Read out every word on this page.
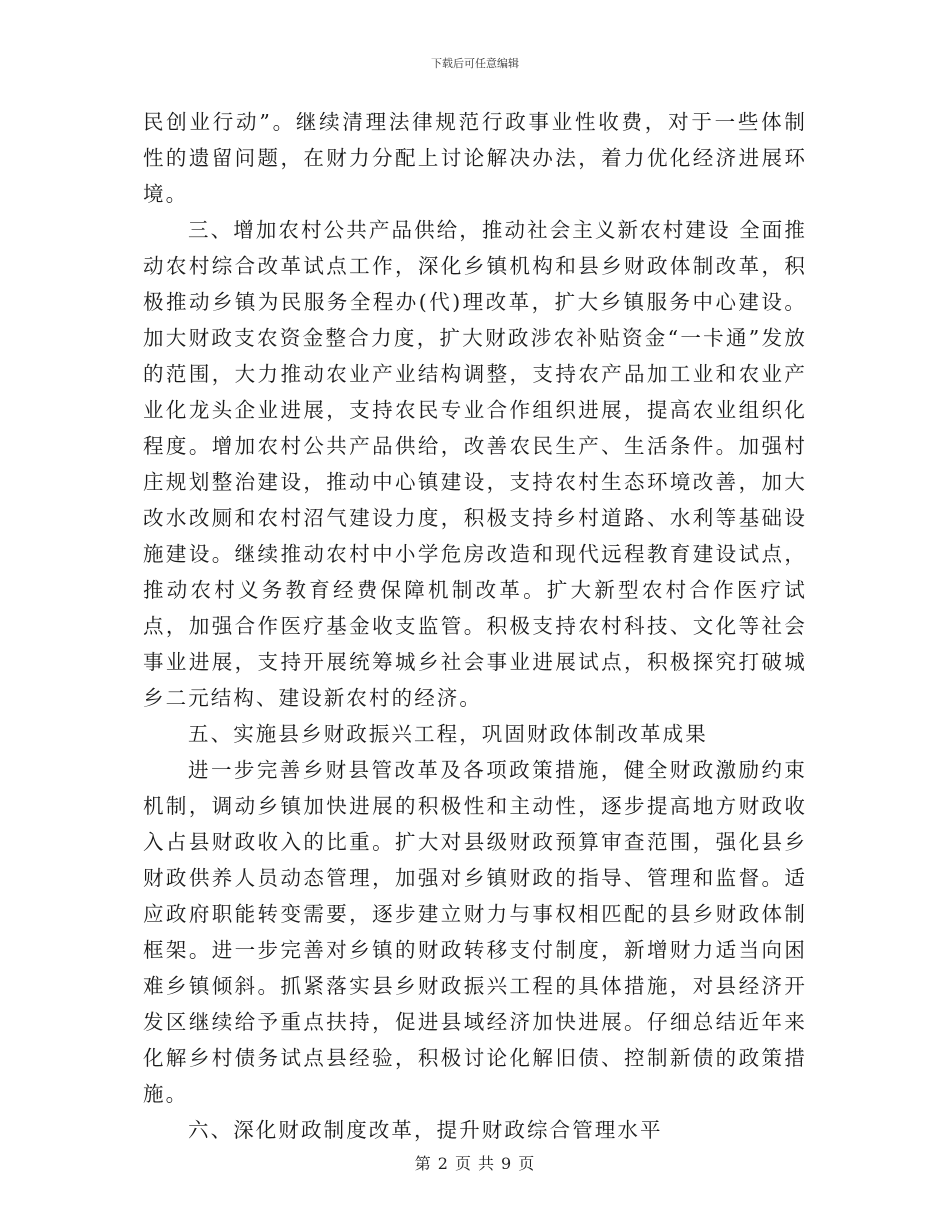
下载后可任意编辑

民创业行动”。继续清理法律规范行政事业性收费，对于一些体制性的遗留问题，在财力分配上讨论解决办法，着力优化经济进展环境。

三、增加农村公共产品供给，推动社会主义新农村建设 全面推动农村综合改革试点工作，深化乡镇机构和县乡财政体制改革，积极推动乡镇为民服务全程办(代)理改革，扩大乡镇服务中心建设。加大财政支农资金整合力度，扩大财政涉农补贴资金“一卡通”发放的范围，大力推动农业产业结构调整，支持农产品加工业和农业产业化龙头企业进展，支持农民专业合作组织进展，提高农业组织化程度。增加农村公共产品供给，改善农民生产、生活条件。加强村庄规划整治建设，推动中心镇建设，支持农村生态环境改善，加大改水改厕和农村沼气建设力度，积极支持乡村道路、水利等基础设施建设。继续推动农村中小学危房改造和现代远程教育建设试点，推动农村义务教育经费保障机制改革。扩大新型农村合作医疗试点，加强合作医疗基金收支监管。积极支持农村科技、文化等社会事业进展，支持开展统筹城乡社会事业进展试点，积极探究打破城乡二元结构、建设新农村的经济。

五、实施县乡财政振兴工程，巩固财政体制改革成果

进一步完善乡财县管改革及各项政策措施，健全财政激励约束机制，调动乡镇加快进展的积极性和主动性，逐步提高地方财政收入占县财政收入的比重。扩大对县级财政预算审查范围，强化县乡财政供养人员动态管理，加强对乡镇财政的指导、管理和监督。适应政府职能转变需要，逐步建立财力与事权相匹配的县乡财政体制框架。进一步完善对乡镇的财政转移支付制度，新增财力适当向困难乡镇倾斜。抓紧落实县乡财政振兴工程的具体措施，对县经济开发区继续给予重点扶持，促进县域经济加快进展。仔细总结近年来化解乡村债务试点县经验，积极讨论化解旧债、控制新债的政策措施。

六、深化财政制度改革，提升财政综合管理水平

第 2 页 共 9 页
